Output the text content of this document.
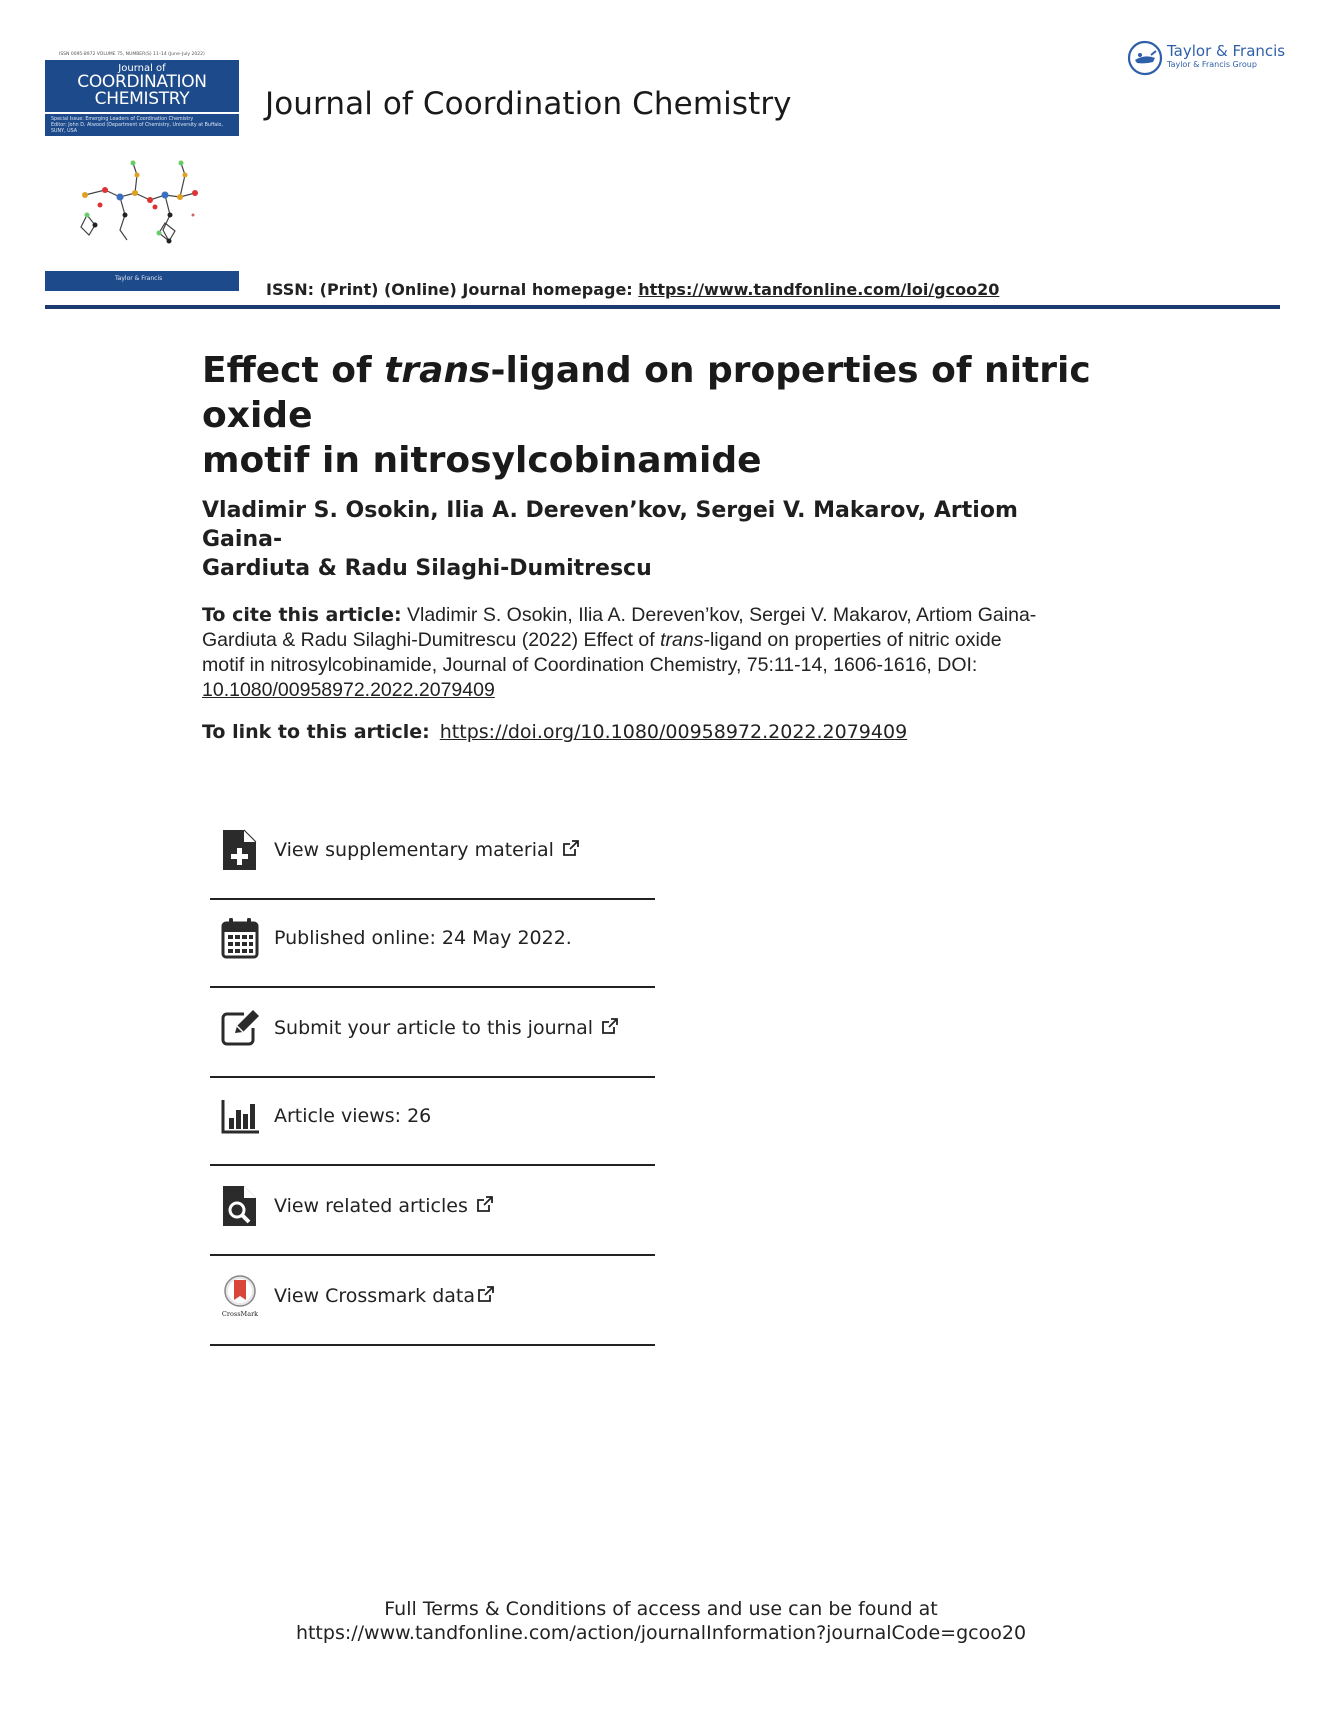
ISSN 0095-8972 VOLUME 75, NUMBER(S) 11–14 (June–July 2022)
Journal of
COORDINATION
CHEMISTRY
Special Issue: Emerging Leaders of Coordination Chemistry
Editor: John D. Atwood (Department of Chemistry, University at Buffalo, SUNY, USA
Taylor & Francis
Journal of Coordination Chemistry
ISSN: (Print) (Online) Journal homepage: https://www.tandfonline.com/loi/gcoo20
Taylor & Francis
Taylor & Francis Group
Effect of trans-ligand on properties of nitric oxide
motif in nitrosylcobinamide
Vladimir S. Osokin, Ilia A. Dereven’kov, Sergei V. Makarov, Artiom Gaina-
Gardiuta & Radu Silaghi-Dumitrescu
To cite this article: Vladimir S. Osokin, Ilia A. Dereven’kov, Sergei V. Makarov, Artiom Gaina-
Gardiuta & Radu Silaghi-Dumitrescu (2022) Effect of trans-ligand on properties of nitric oxide
motif in nitrosylcobinamide, Journal of Coordination Chemistry, 75:11-14, 1606-1616, DOI:
10.1080/00958972.2022.2079409
To link to this article: https://doi.org/10.1080/00958972.2022.2079409
View supplementary material
Published online: 24 May 2022.
Submit your article to this journal
Article views: 26
View related articles
CrossMark
View Crossmark data
Full Terms & Conditions of access and use can be found at
https://www.tandfonline.com/action/journalInformation?journalCode=gcoo20
